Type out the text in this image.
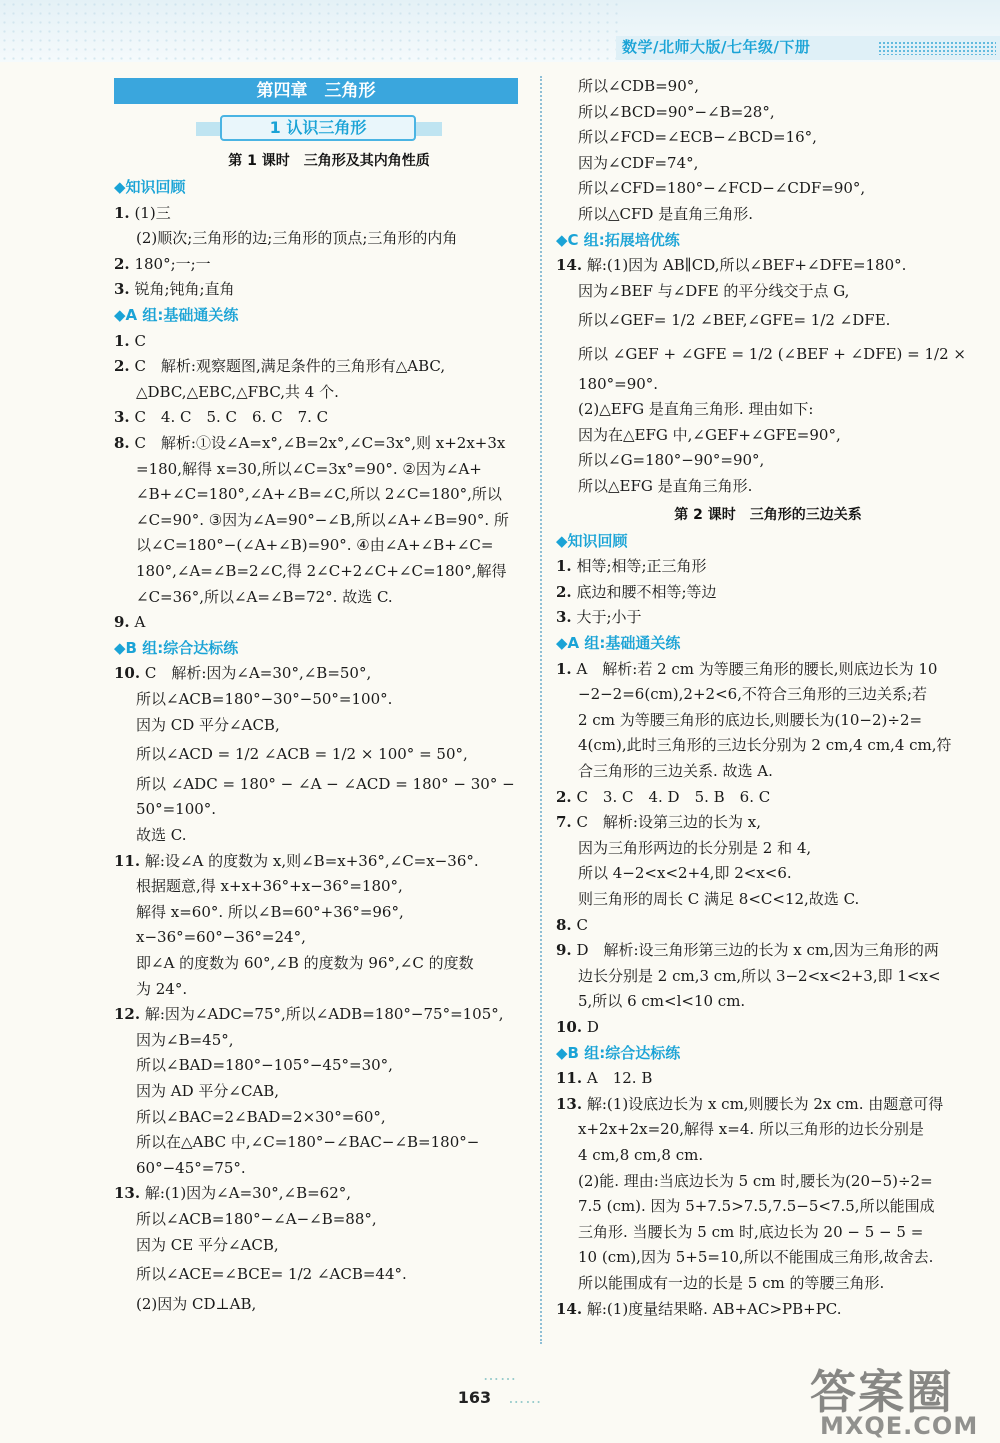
数学/北师大版/七年级/下册
第四章　三角形
1 认识三角形
第 1 课时　三角形及其内角性质
◆知识回顾
1. (1)三
(2)顺次;三角形的边;三角形的顶点;三角形的内角
2. 180°;一;一
3. 锐角;钝角;直角
◆A 组:基础通关练
1. C
2. C　解析:观察题图,满足条件的三角形有△ABC,
△DBC,△EBC,△FBC,共 4 个.
3. C　4. C　5. C　6. C　7. C
8. C　解析:①设∠A=x°,∠B=2x°,∠C=3x°,则 x+2x+3x
=180,解得 x=30,所以∠C=3x°=90°. ②因为∠A+
∠B+∠C=180°,∠A+∠B=∠C,所以 2∠C=180°,所以
∠C=90°. ③因为∠A=90°−∠B,所以∠A+∠B=90°. 所
以∠C=180°−(∠A+∠B)=90°. ④由∠A+∠B+∠C=
180°,∠A=∠B=2∠C,得 2∠C+2∠C+∠C=180°,解得
∠C=36°,所以∠A=∠B=72°. 故选 C.
9. A
◆B 组:综合达标练
10. C　解析:因为∠A=30°,∠B=50°,
所以∠ACB=180°−30°−50°=100°.
因为 CD 平分∠ACB,
所以∠ACD = 1/2 ∠ACB = 1/2 × 100° = 50°,
所以 ∠ADC = 180° − ∠A − ∠ACD = 180° − 30° −
50°=100°.
故选 C.
11. 解:设∠A 的度数为 x,则∠B=x+36°,∠C=x−36°.
根据题意,得 x+x+36°+x−36°=180°,
解得 x=60°. 所以∠B=60°+36°=96°,
x−36°=60°−36°=24°,
即∠A 的度数为 60°,∠B 的度数为 96°,∠C 的度数
为 24°.
12. 解:因为∠ADC=75°,所以∠ADB=180°−75°=105°,
因为∠B=45°,
所以∠BAD=180°−105°−45°=30°,
因为 AD 平分∠CAB,
所以∠BAC=2∠BAD=2×30°=60°,
所以在△ABC 中,∠C=180°−∠BAC−∠B=180°−
60°−45°=75°.
13. 解:(1)因为∠A=30°,∠B=62°,
所以∠ACB=180°−∠A−∠B=88°,
因为 CE 平分∠ACB,
所以∠ACE=∠BCE= 1/2 ∠ACB=44°.
(2)因为 CD⊥AB,
所以∠CDB=90°,
所以∠BCD=90°−∠B=28°,
所以∠FCD=∠ECB−∠BCD=16°,
因为∠CDF=74°,
所以∠CFD=180°−∠FCD−∠CDF=90°,
所以△CFD 是直角三角形.
◆C 组:拓展培优练
14. 解:(1)因为 AB∥CD,所以∠BEF+∠DFE=180°.
因为∠BEF 与∠DFE 的平分线交于点 G,
所以∠GEF= 1/2 ∠BEF,∠GFE= 1/2 ∠DFE.
所以 ∠GEF + ∠GFE = 1/2 (∠BEF + ∠DFE) = 1/2 ×
180°=90°.
(2)△EFG 是直角三角形. 理由如下:
因为在△EFG 中,∠GEF+∠GFE=90°,
所以∠G=180°−90°=90°,
所以△EFG 是直角三角形.
第 2 课时　三角形的三边关系
◆知识回顾
1. 相等;相等;正三角形
2. 底边和腰不相等;等边
3. 大于;小于
◆A 组:基础通关练
1. A　解析:若 2 cm 为等腰三角形的腰长,则底边长为 10
−2−2=6(cm),2+2<6,不符合三角形的三边关系;若
2 cm 为等腰三角形的底边长,则腰长为(10−2)÷2=
4(cm),此时三角形的三边长分别为 2 cm,4 cm,4 cm,符
合三角形的三边关系. 故选 A.
2. C　3. C　4. D　5. B　6. C
7. C　解析:设第三边的长为 x,
因为三角形两边的长分别是 2 和 4,
所以 4−2<x<2+4,即 2<x<6.
则三角形的周长 C 满足 8<C<12,故选 C.
8. C
9. D　解析:设三角形第三边的长为 x cm,因为三角形的两
边长分别是 2 cm,3 cm,所以 3−2<x<2+3,即 1<x<
5,所以 6 cm<l<10 cm.
10. D
◆B 组:综合达标练
11. A　12. B
13. 解:(1)设底边长为 x cm,则腰长为 2x cm. 由题意可得
x+2x+2x=20,解得 x=4. 所以三角形的边长分别是
4 cm,8 cm,8 cm.
(2)能. 理由:当底边长为 5 cm 时,腰长为(20−5)÷2=
7.5 (cm). 因为 5+7.5>7.5,7.5−5<7.5,所以能围成
三角形. 当腰长为 5 cm 时,底边长为 20 − 5 − 5 =
10 (cm),因为 5+5=10,所以不能围成三角形,故舍去.
所以能围成有一边的长是 5 cm 的等腰三角形.
14. 解:(1)度量结果略. AB+AC>PB+PC.
……　163　……	答案圈
MXQE.COM
